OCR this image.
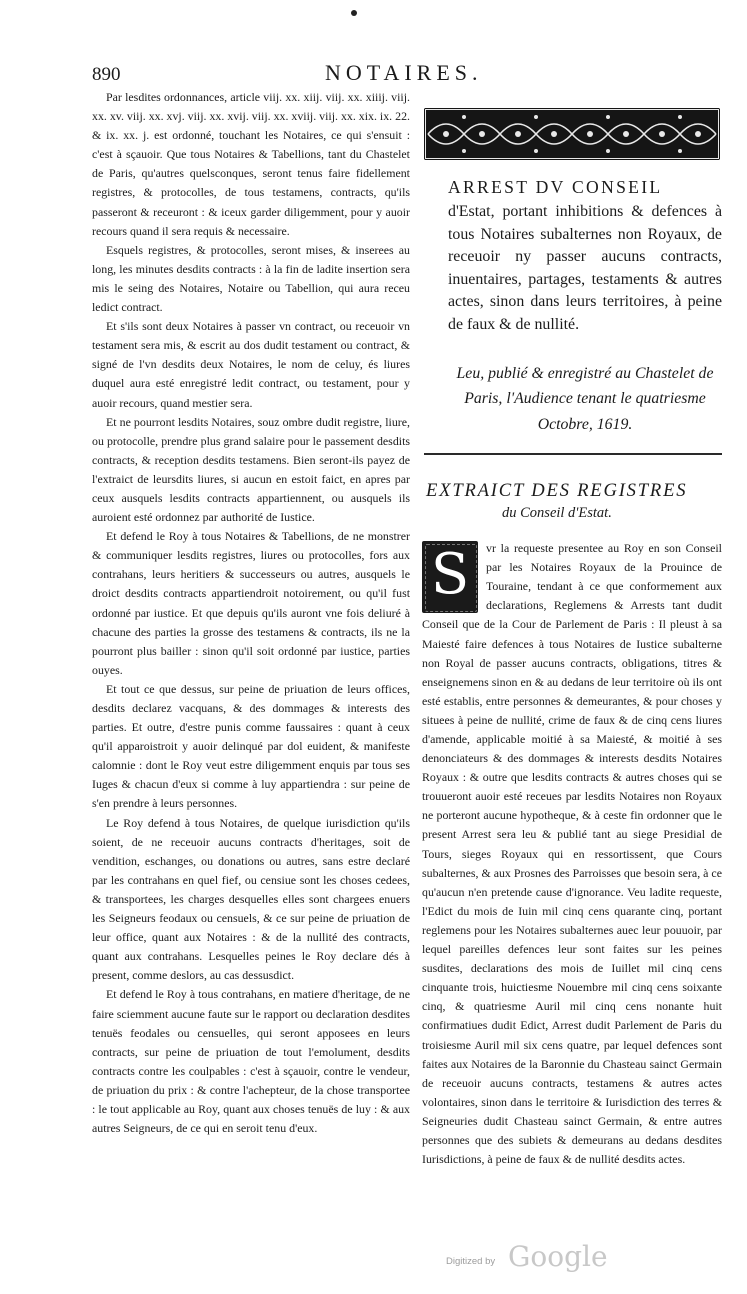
890	NOTAIRES.

Par lesdites ordonnances, article viij. xx. xiij. viij. xx. xiiij. viij. xx. xv. viij. xx. xvj. viij. xx. xvij. viij. xx. xviij. viij. xx. xix. ix. 22. & ix. xx. j. est ordonné, touchant les Notaires, ce qui s'ensuit : c'est à sçauoir. Que tous Notaires & Tabellions, tant du Chastelet de Paris, qu'autres quelsconques, seront tenus faire fidellement registres, & protocolles, de tous testamens, contracts, qu'ils passeront & receuront : & iceux garder diligemment, pour y auoir recours quand il sera requis & necessaire.

Esquels registres, & protocolles, seront mises, & inserees au long, les minutes desdits contracts : à la fin de ladite insertion sera mis le seing des Notaires, Notaire ou Tabellion, qui aura receu ledict contract.

Et s'ils sont deux Notaires à passer vn contract, ou receuoir vn testament sera mis, & escrit au dos dudit testament ou contract, & signé de l'vn desdits deux Notaires, le nom de celuy, és liures duquel aura esté enregistré ledit contract, ou testament, pour y auoir recours, quand mestier sera.

Et ne pourront lesdits Notaires, souz ombre dudit registre, liure, ou protocolle, prendre plus grand salaire pour le passement desdits contracts, & reception desdits testamens. Bien seront-ils payez de l'extraict de leursdits liures, si aucun en estoit faict, en apres par ceux ausquels lesdits contracts appartiennent, ou ausquels ils auroient esté ordonnez par authorité de Iustice.

Et defend le Roy à tous Notaires & Tabellions, de ne monstrer & communiquer lesdits registres, liures ou protocolles, fors aux contrahans, leurs heritiers & successeurs ou autres, ausquels le droict desdits contracts appartiendroit notoirement, ou qu'il fust ordonné par iustice. Et que depuis qu'ils auront vne fois deliuré à chacune des parties la grosse des testamens & contracts, ils ne la pourront plus bailler : sinon qu'il soit ordonné par iustice, parties ouyes.

Et tout ce que dessus, sur peine de priuation de leurs offices, desdits declarez vacquans, & des dommages & interests des parties. Et outre, d'estre punis comme faussaires : quant à ceux qu'il apparoistroit y auoir delinqué par dol euident, & manifeste calomnie : dont le Roy veut estre diligemment enquis par tous ses Iuges & chacun d'eux si comme à luy appartiendra : sur peine de s'en prendre à leurs personnes.

Le Roy defend à tous Notaires, de quelque iurisdiction qu'ils soient, de ne receuoir aucuns contracts d'heritages, soit de vendition, eschanges, ou donations ou autres, sans estre declaré par les contrahans en quel fief, ou censiue sont les choses cedees, & transportees, les charges desquelles elles sont chargees enuers les Seigneurs feodaux ou censuels, & ce sur peine de priuation de leur office, quant aux Notaires : & de la nullité des contracts, quant aux contrahans. Lesquelles peines le Roy declare dés à present, comme deslors, au cas dessusdict.

Et defend le Roy à tous contrahans, en matiere d'heritage, de ne faire sciemment aucune faute sur le rapport ou declaration desdites tenuës feodales ou censuelles, qui seront apposees en leurs contracts, sur peine de priuation de tout l'emolument, desdits contracts contre les coulpables : c'est à sçauoir, contre le vendeur, de priuation du prix : & contre l'achepteur, de la chose transportee : le tout applicable au Roy, quant aux choses tenuës de luy : & aux autres Seigneurs, de ce qui en seroit tenu d'eux.

ARREST DV CONSEIL
d'Estat, portant inhibitions & defences à tous Notaires subalternes non Royaux, de receuoir ny passer aucuns contracts, inuentaires, partages, testaments & autres actes, sinon dans leurs territoires, à peine de faux & de nullité.
Leu, publié & enregistré au Chastelet de Paris, l'Audience tenant le quatriesme Octobre, 1619.
EXTRAICT DES REGISTRES
du Conseil d'Estat.
S	vr la requeste presentee au Roy en son Conseil par les Notaires Royaux de la Prouince de Touraine, tendant à ce que conformement aux declarations, Reglemens & Arrests tant dudit Conseil que de la Cour de Parlement de Paris : Il pleust à sa Maiesté faire defences à tous Notaires de Iustice subalterne non Royal de passer aucuns contracts, obligations, titres & enseignemens sinon en & au dedans de leur territoire où ils ont esté establis, entre personnes & demeurantes, & pour choses y situees à peine de nullité, crime de faux & de cinq cens liures d'amende, applicable moitié à sa Maiesté, & moitié à ses denonciateurs & des dommages & interests desdits Notaires Royaux : & outre que lesdits contracts & autres choses qui se trouueront auoir esté receues par lesdits Notaires non Royaux ne porteront aucune hypotheque, & à ceste fin ordonner que le present Arrest sera leu & publié tant au siege Presidial de Tours, sieges Royaux qui en ressortissent, que Cours subalternes, & aux Prosnes des Parroisses que besoin sera, à ce qu'aucun n'en pretende cause d'ignorance. Veu ladite requeste, l'Edict du mois de Iuin mil cinq cens quarante cinq, portant reglemens pour les Notaires subalternes auec leur pouuoir, par lequel pareilles defences leur sont faites sur les peines susdites, declarations des mois de Iuillet mil cinq cens cinquante trois, huictiesme Nouembre mil cinq cens soixante cinq, & quatriesme Auril mil cinq cens nonante huit confirmatiues dudit Edict, Arrest dudit Parlement de Paris du troisiesme Auril mil six cens quatre, par lequel defences sont faites aux Notaires de la Baronnie du Chasteau sainct Germain de receuoir aucuns contracts, testamens & autres actes volontaires, sinon dans le territoire & Iurisdiction des terres & Seigneuries dudit Chasteau sainct Germain, & entre autres personnes que des subiets & demeurans au dedans desdites Iurisdictions, à peine de faux & de nullité desdits actes.
Digitized by Google
